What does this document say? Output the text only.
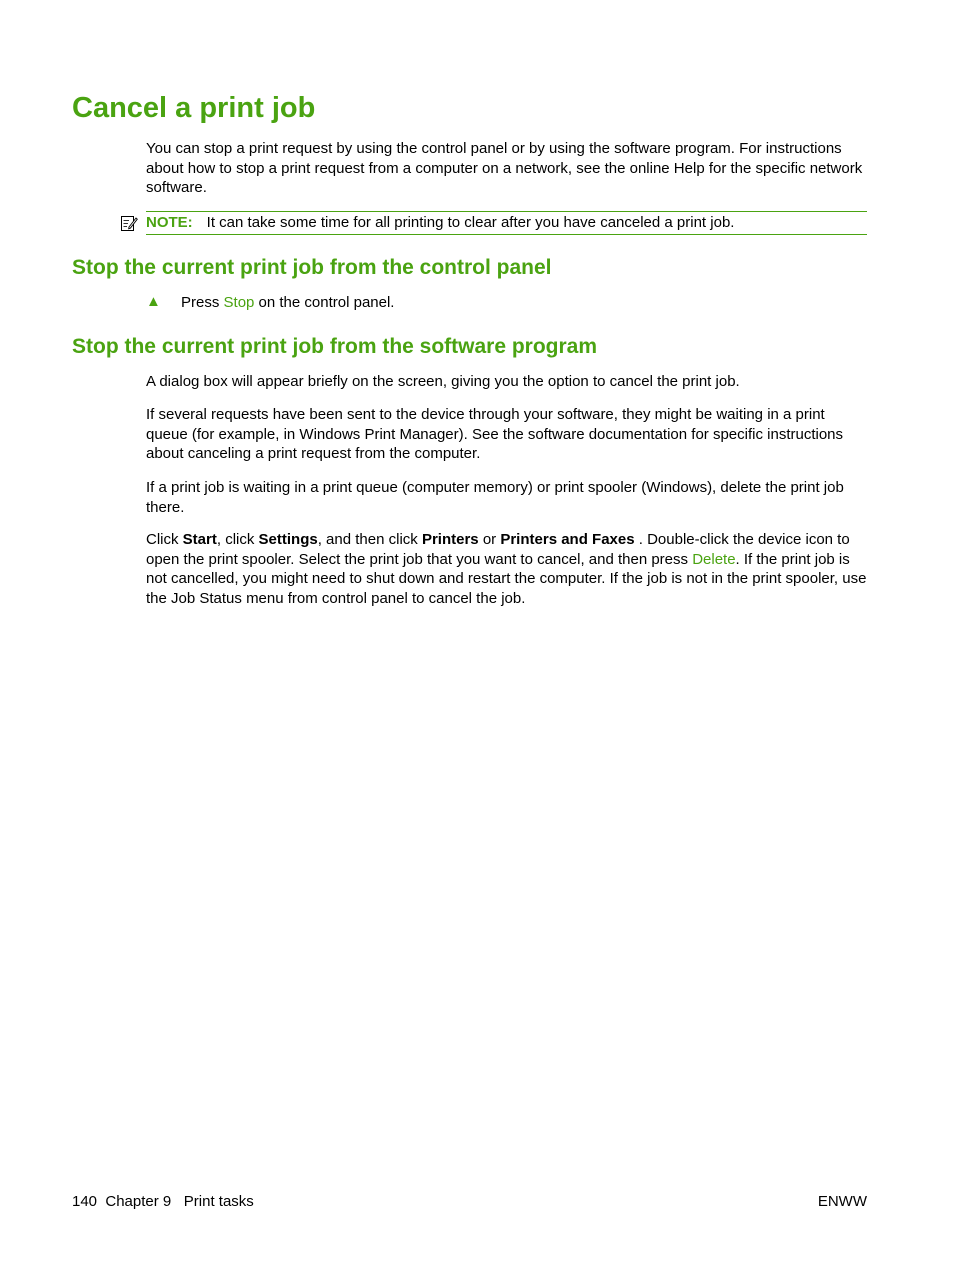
Cancel a print job

You can stop a print request by using the control panel or by using the software program. For instructions about how to stop a print request from a computer on a network, see the online Help for the specific network software.

NOTE: It can take some time for all printing to clear after you have canceled a print job.
Stop the current print job from the control panel
▲ Press Stop on the control panel.
Stop the current print job from the software program

A dialog box will appear briefly on the screen, giving you the option to cancel the print job.

If several requests have been sent to the device through your software, they might be waiting in a print queue (for example, in Windows Print Manager). See the software documentation for specific instructions about canceling a print request from the computer.

If a print job is waiting in a print queue (computer memory) or print spooler (Windows), delete the print job there.

Click Start, click Settings, and then click Printers or Printers and Faxes . Double-click the device icon to open the print spooler. Select the print job that you want to cancel, and then press Delete. If the print job is not cancelled, you might need to shut down and restart the computer. If the job is not in the print spooler, use the Job Status menu from control panel to cancel the job.

140 Chapter 9 Print tasks	ENWW
